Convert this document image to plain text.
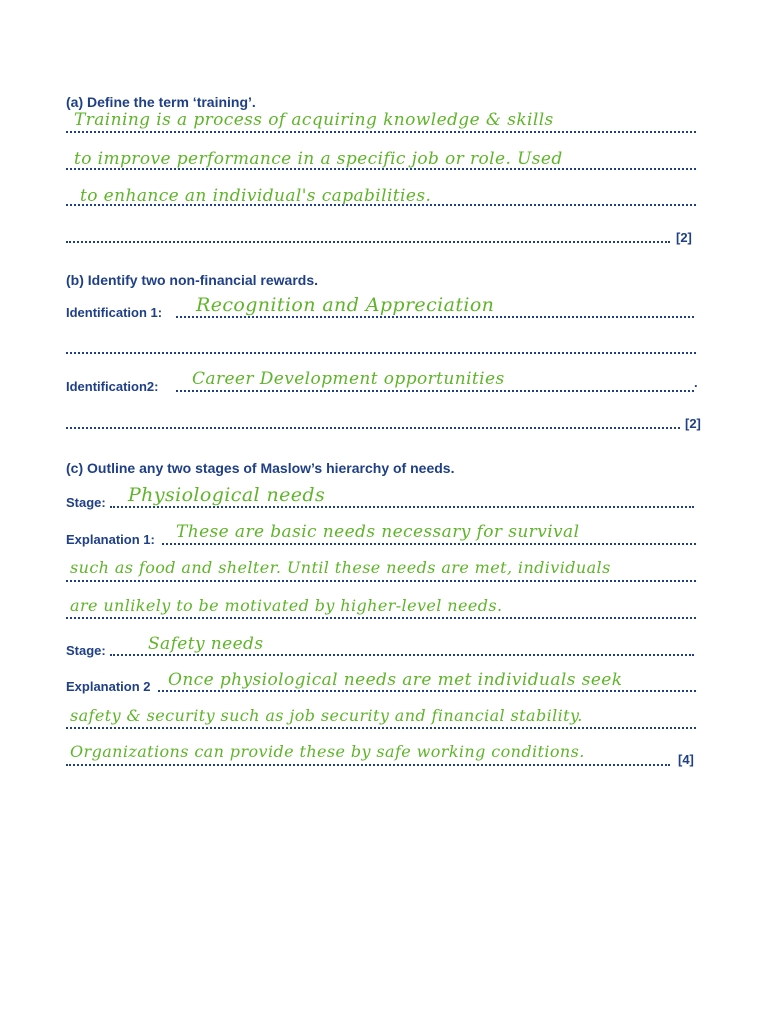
(a) Define the term ‘training’.
[2]
Training is a process of acquiring knowledge & skills
to improve performance in a specific job or role. Used
to enhance an individual's capabilities.
(b) Identify two non-financial rewards.
Identification 1: Recognition and Appreciation
Identification2:	.
Career Development opportunities
[2]
(c) Outline any two stages of Maslow’s hierarchy of needs.
Stage: Physiological needs
Explanation 1: These are basic needs necessary for survival
such as food and shelter. Until these needs are met, individuals
are unlikely to be motivated by higher-level needs.
Stage: Safety needs
Explanation 2 Once physiological needs are met individuals seek
safety & security such as job security and financial stability.
Organizations can provide these by safe working conditions.	[4]
